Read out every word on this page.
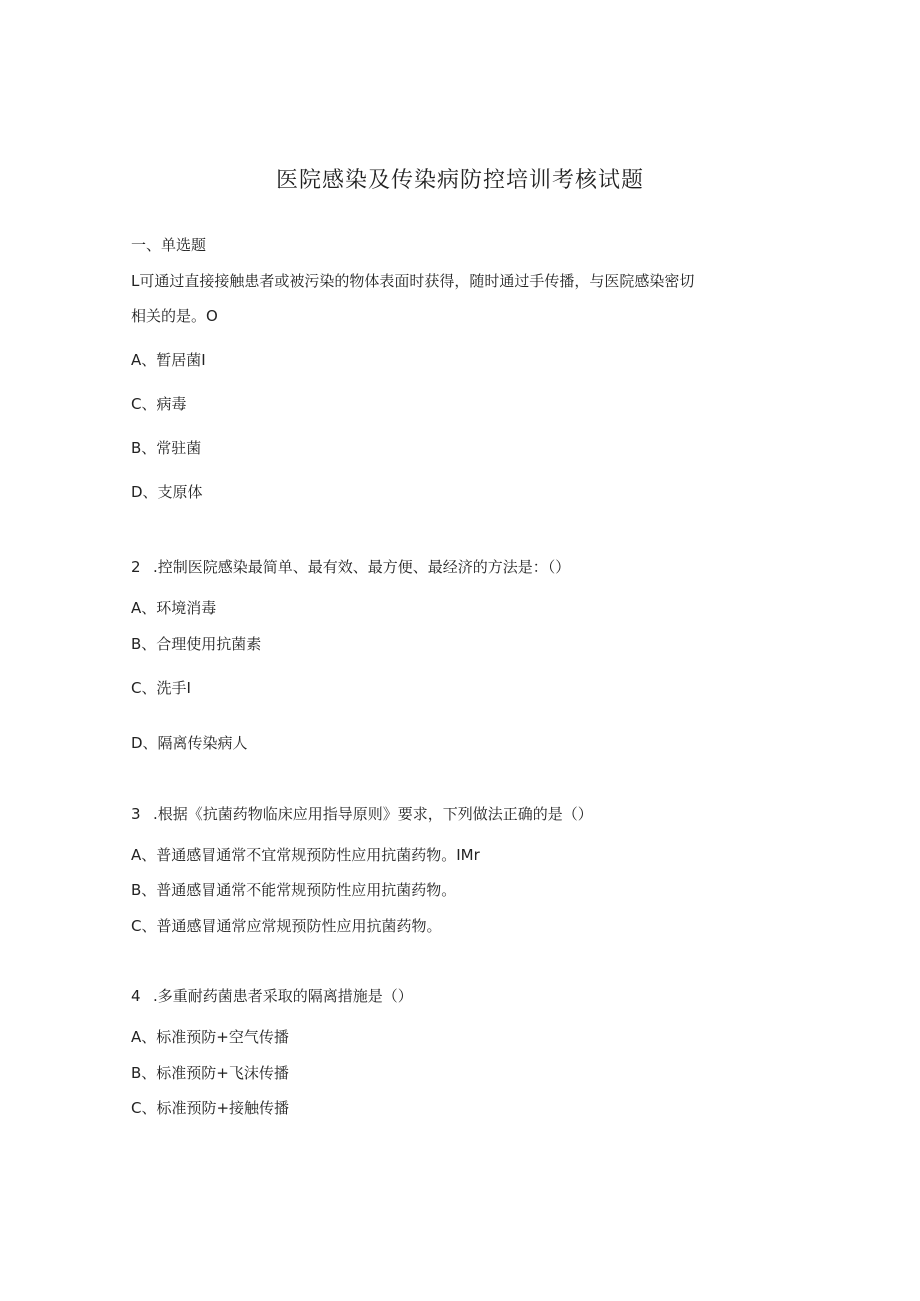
医院感染及传染病防控培训考核试题
一、单选题
L可通过直接接触患者或被污染的物体表面时获得，随时通过手传播，与医院感染密切
相关的是。O
A、暂居菌I
C、病毒
B、常驻菌
D、支原体
2 .控制医院感染最简单、最有效、最方便、最经济的方法是：（）
A、环境消毒
B、合理使用抗菌素
C、洗手I
D、隔离传染病人
3 .根据《抗菌药物临床应用指导原则》要求，下列做法正确的是（）
A、普通感冒通常不宜常规预防性应用抗菌药物。IMr
B、普通感冒通常不能常规预防性应用抗菌药物。
C、普通感冒通常应常规预防性应用抗菌药物。
4 .多重耐药菌患者采取的隔离措施是（）
A、标准预防+空气传播
B、标准预防+飞沫传播
C、标准预防+接触传播
